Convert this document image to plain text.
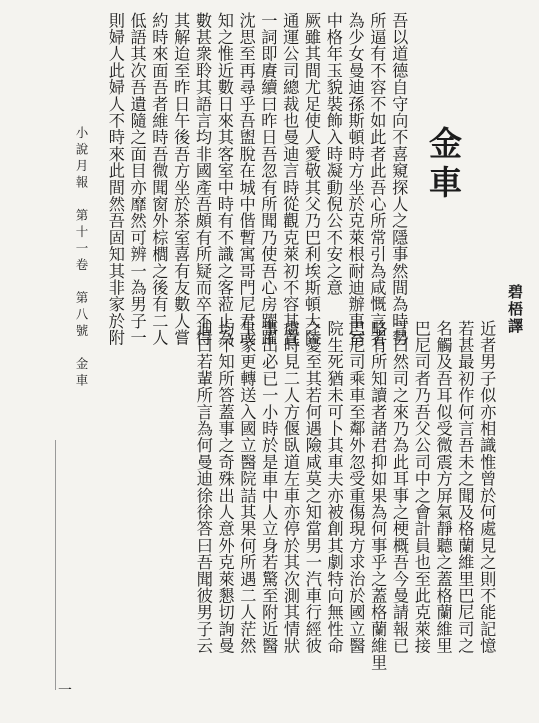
金車
碧梧譯
吾以道德自守向不喜窺探人之隱事然間為時勢
所逼有不容不如此者此吾心所常引為咸慨言者
為少女曼迪孫斯頓時方坐於克萊根耐迪辦事室
中格年玉貌裝飾入時凝動倪公不安之意
厥雖其間尤足使人愛敬其父乃巴利埃斯頓大陸
通運公司總裁也曼迪言時從觀克萊初不容其置
一詞即賡續曰昨日吾忽有所聞乃使吾心房躍躍
沈思至再尋乎吾盥脫在城中偕暫寓哥門尼君或
知之惟近數日來其客室中時有不識之客蒞止為
數甚衆聆其語言均非國產吾頗有所疑而卒不得
其解迨至昨日午後吾方坐於茶室喜有友數人嘗
約時來面吾者維時吾微聞窗外棕櫚之後有二人
低語其次吾遺隨之面目亦靡然可辨一為男子一
則婦人此婦人不時來此間然吾固知其非家於附
近者男子似亦相識惟曾於何處見之則不能記憶
若甚最初作何言吾未之聞及格蘭維里巴尼司之
名觸及吾耳似受微震方屏氣靜聽之蓋格蘭維里
巴尼司者乃吾父公司中之會計員也至此克萊接
言曰然司之來乃為此耳事之梗概吾今曼請報已
略有所知讀者諸君抑如果為何事乎之蓋格蘭維里
巴尼司乘車至鄰外忽受重傷現方求治於國立醫
院生死猶未可卜其車夫亦被創其劇特向無性命
之憂至其若何遇險咸莫之知當男一汽車行經彼
處時見二人方偃臥道左車亦停於其次測其情狀
事出必已一小時於是車中人立身若驚至附近醫
生家更轉送入國立醫院詰其果何所遇二人茫然
均不知所答蓋事之奇殊出人意外克萊懇切詢曼
迪曰若輩所言為何曼迪徐徐答曰吾聞彼男子云
小說月報　第十一卷　第八號　金車
一
